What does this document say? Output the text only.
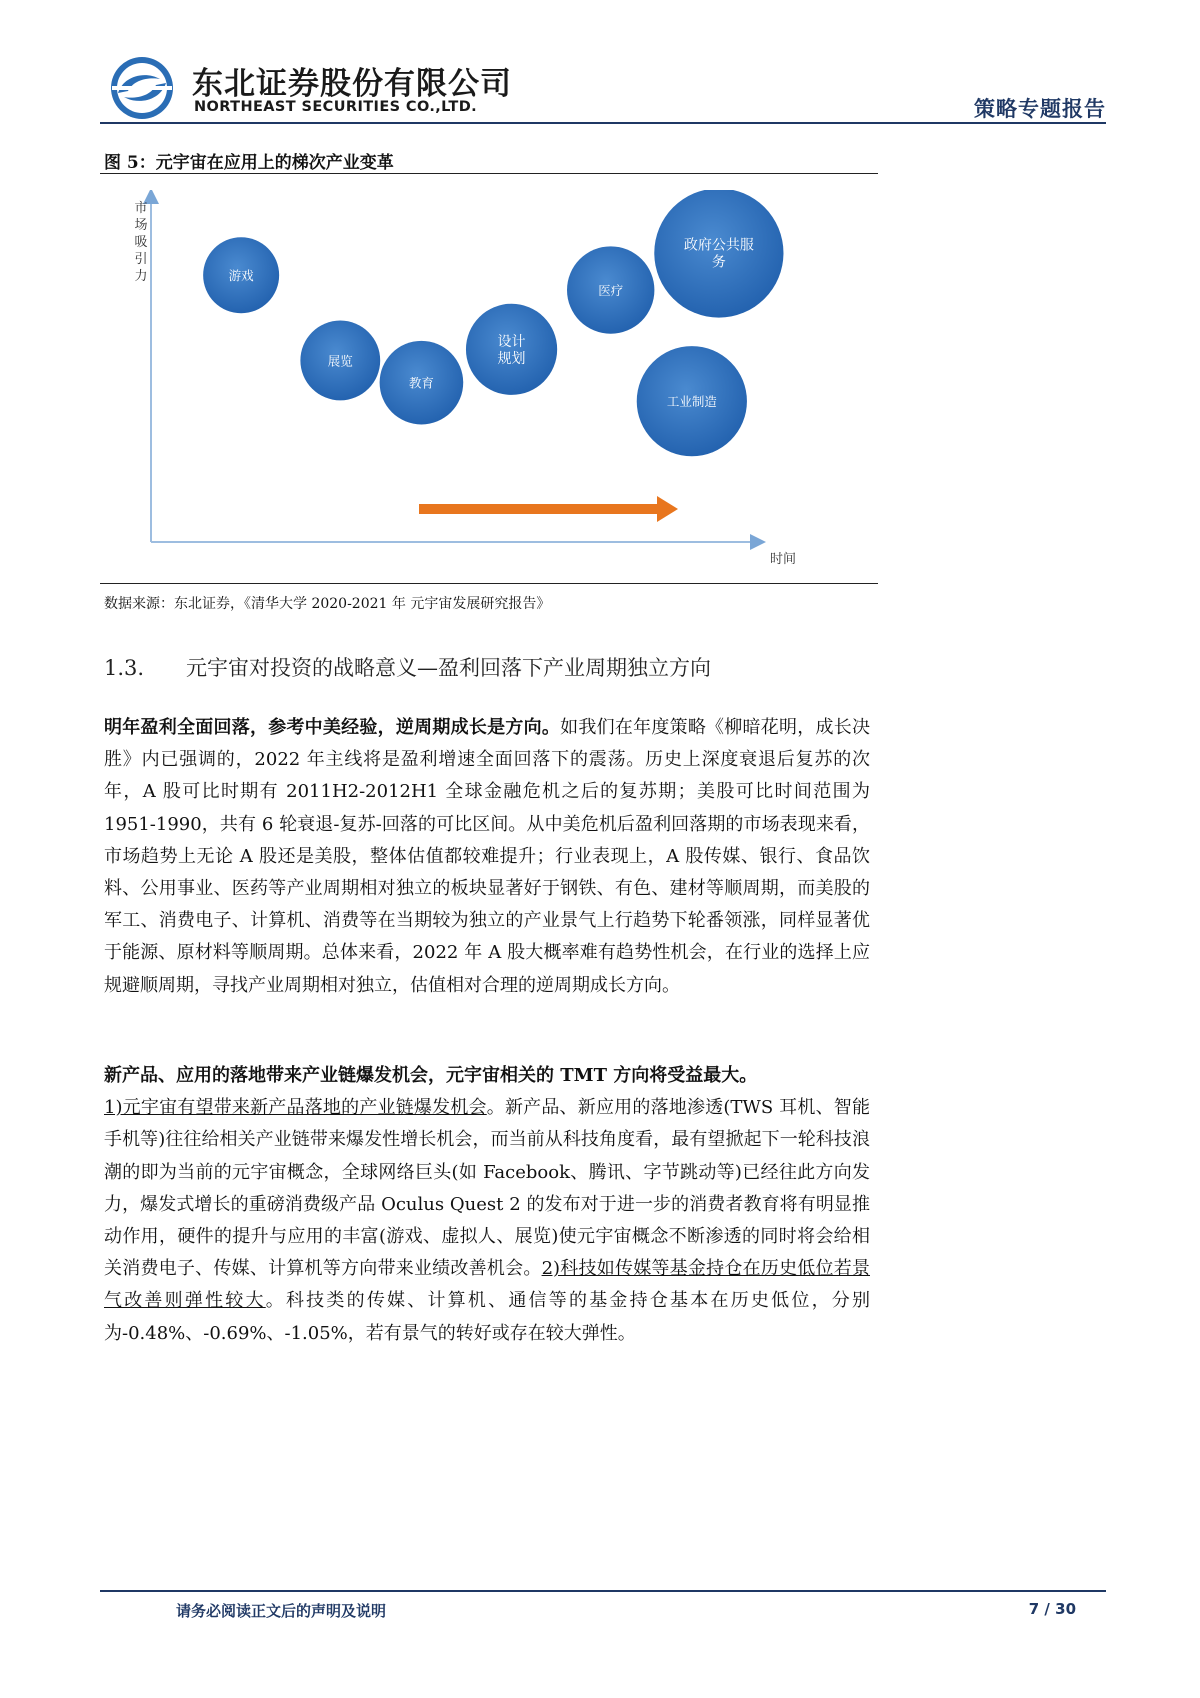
东北证券股份有限公司
NORTHEAST SECURITIES CO.,LTD.	策略专题报告
图 5：元宇宙在应用上的梯次产业变革
市场吸引力
时间
游戏
展览
教育
设计规划
医疗
政府公共服务
工业制造
数据来源：东北证券，《清华大学 2020-2021 年 元宇宙发展研究报告》
1.3. 元宇宙对投资的战略意义—盈利回落下产业周期独立方向
明年盈利全面回落，参考中美经验，逆周期成长是方向。如我们在年度策略《柳暗花明，成长决胜》内已强调的，2022 年主线将是盈利增速全面回落下的震荡。历史上深度衰退后复苏的次年，A 股可比时期有 2011H2-2012H1 全球金融危机之后的复苏期；美股可比时间范围为 1951-1990，共有 6 轮衰退-复苏-回落的可比区间。从中美危机后盈利回落期的市场表现来看，市场趋势上无论 A 股还是美股，整体估值都较难提升；行业表现上，A 股传媒、银行、食品饮料、公用事业、医药等产业周期相对独立的板块显著好于钢铁、有色、建材等顺周期，而美股的军工、消费电子、计算机、消费等在当期较为独立的产业景气上行趋势下轮番领涨，同样显著优于能源、原材料等顺周期。总体来看，2022 年 A 股大概率难有趋势性机会，在行业的选择上应规避顺周期，寻找产业周期相对独立，估值相对合理的逆周期成长方向。
新产品、应用的落地带来产业链爆发机会，元宇宙相关的 TMT 方向将受益最大。
1)元宇宙有望带来新产品落地的产业链爆发机会。新产品、新应用的落地渗透(TWS 耳机、智能手机等)往往给相关产业链带来爆发性增长机会，而当前从科技角度看，最有望掀起下一轮科技浪潮的即为当前的元宇宙概念，全球网络巨头(如 Facebook、腾讯、字节跳动等)已经往此方向发力，爆发式增长的重磅消费级产品 Oculus Quest 2 的发布对于进一步的消费者教育将有明显推动作用，硬件的提升与应用的丰富(游戏、虚拟人、展览)使元宇宙概念不断渗透的同时将会给相关消费电子、传媒、计算机等方向带来业绩改善机会。2)科技如传媒等基金持仓在历史低位若景气改善则弹性较大。科技类的传媒、计算机、通信等的基金持仓基本在历史低位，分别为-0.48%、-0.69%、-1.05%，若有景气的转好或存在较大弹性。
请务必阅读正文后的声明及说明	7 / 30
